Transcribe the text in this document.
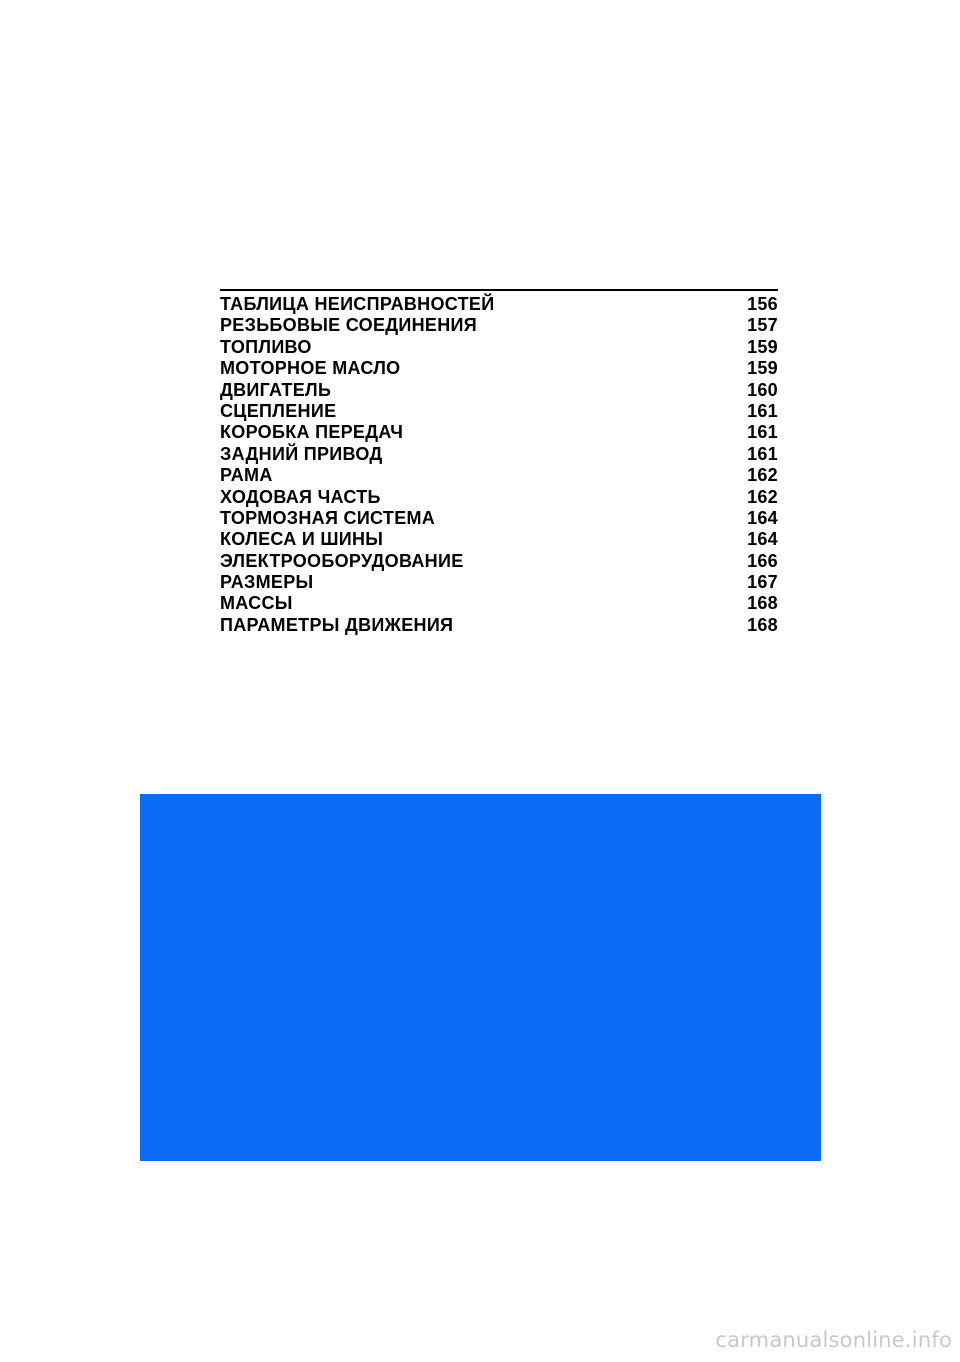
ТАБЛИЦА НЕИСПРАВНОСТЕЙ	156
РЕЗЬБОВЫЕ СОЕДИНЕНИЯ	157
ТОПЛИВО	159
МОТОРНОЕ МАСЛО	159
ДВИГАТЕЛЬ	160
СЦЕПЛЕНИЕ	161
КОРОБКА ПЕРЕДАЧ	161
ЗАДНИЙ ПРИВОД	161
РАМА	162
ХОДОВАЯ ЧАСТЬ	162
ТОРМОЗНАЯ СИСТЕМА	164
КОЛЕСА И ШИНЫ	164
ЭЛЕКТРООБОРУДОВАНИЕ	166
РАЗМЕРЫ	167
МАССЫ	168
ПАРАМЕТРЫ ДВИЖЕНИЯ	168
carmanualsonline.info
